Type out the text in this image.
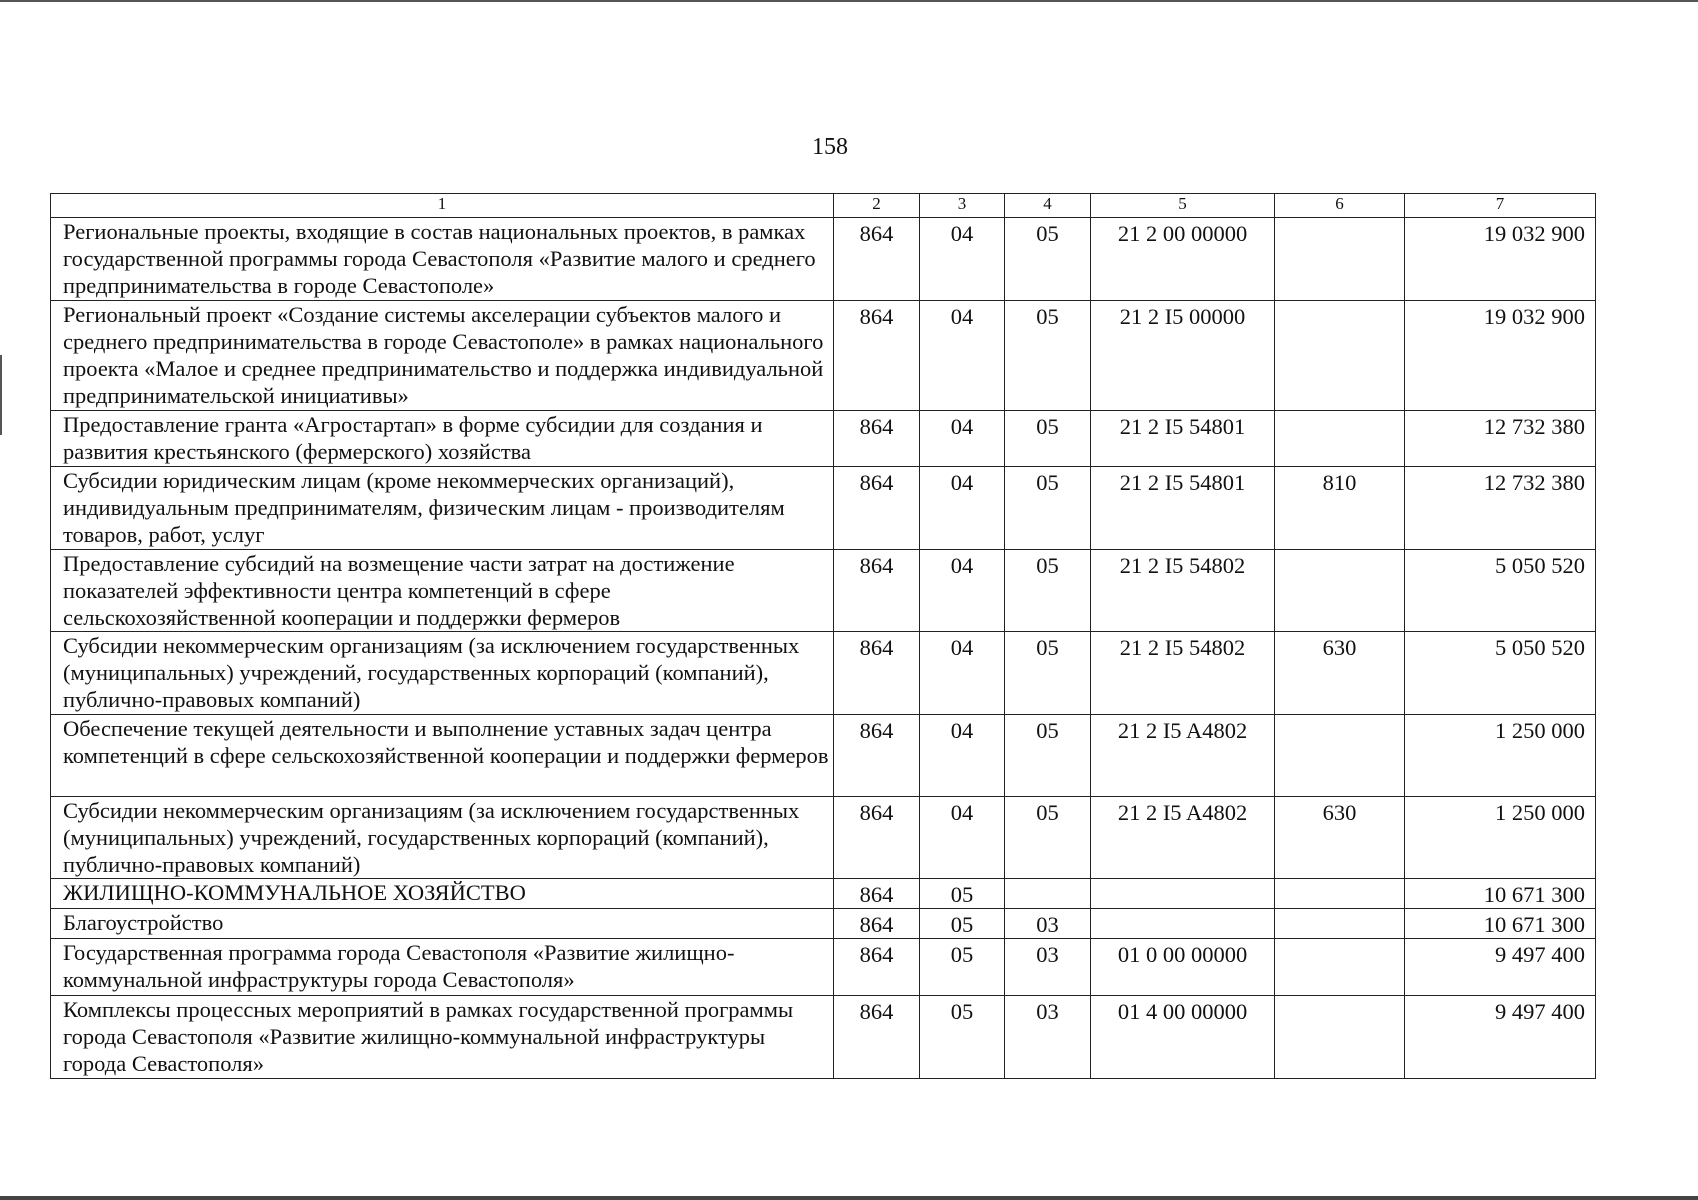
158
1	2	3	4	5	6	7
Региональные проекты, входящие в состав национальных проектов, в рамках государственной программы города Севастополя «Развитие малого и среднего предпринимательства в городе Севастополе»	864	04	05	21 2 00 00000		19 032 900
Региональный проект «Создание системы акселерации субъектов малого и среднего предпринимательства в городе Севастополе» в рамках национального проекта «Малое и среднее предпринимательство и поддержка индивидуальной предпринимательской инициативы»	864	04	05	21 2 I5 00000		19 032 900
Предоставление гранта «Агростартап» в форме субсидии для создания и развития крестьянского (фермерского) хозяйства	864	04	05	21 2 I5 54801		12 732 380
Субсидии юридическим лицам (кроме некоммерческих организаций), индивидуальным предпринимателям, физическим лицам - производителям товаров, работ, услуг	864	04	05	21 2 I5 54801	810	12 732 380
Предоставление субсидий на возмещение части затрат на достижение показателей эффективности центра компетенций в сфере сельскохозяйственной кооперации и поддержки фермеров	864	04	05	21 2 I5 54802		5 050 520
Субсидии некоммерческим организациям (за исключением государственных (муниципальных) учреждений, государственных корпораций (компаний), публично-правовых компаний)	864	04	05	21 2 I5 54802	630	5 050 520
Обеспечение текущей деятельности и выполнение уставных задач центра компетенций в сфере сельскохозяйственной кооперации и поддержки фермеров	864	04	05	21 2 I5 A4802		1 250 000
Субсидии некоммерческим организациям (за исключением государственных (муниципальных) учреждений, государственных корпораций (компаний), публично-правовых компаний)	864	04	05	21 2 I5 A4802	630	1 250 000
ЖИЛИЩНО-КОММУНАЛЬНОЕ ХОЗЯЙСТВО	864	05				10 671 300
Благоустройство	864	05	03			10 671 300
Государственная программа города Севастополя «Развитие жилищно-коммунальной инфраструктуры города Севастополя»	864	05	03	01 0 00 00000		9 497 400
Комплексы процессных мероприятий в рамках государственной программы города Севастополя «Развитие жилищно-коммунальной инфраструктуры города Севастополя»	864	05	03	01 4 00 00000		9 497 400
